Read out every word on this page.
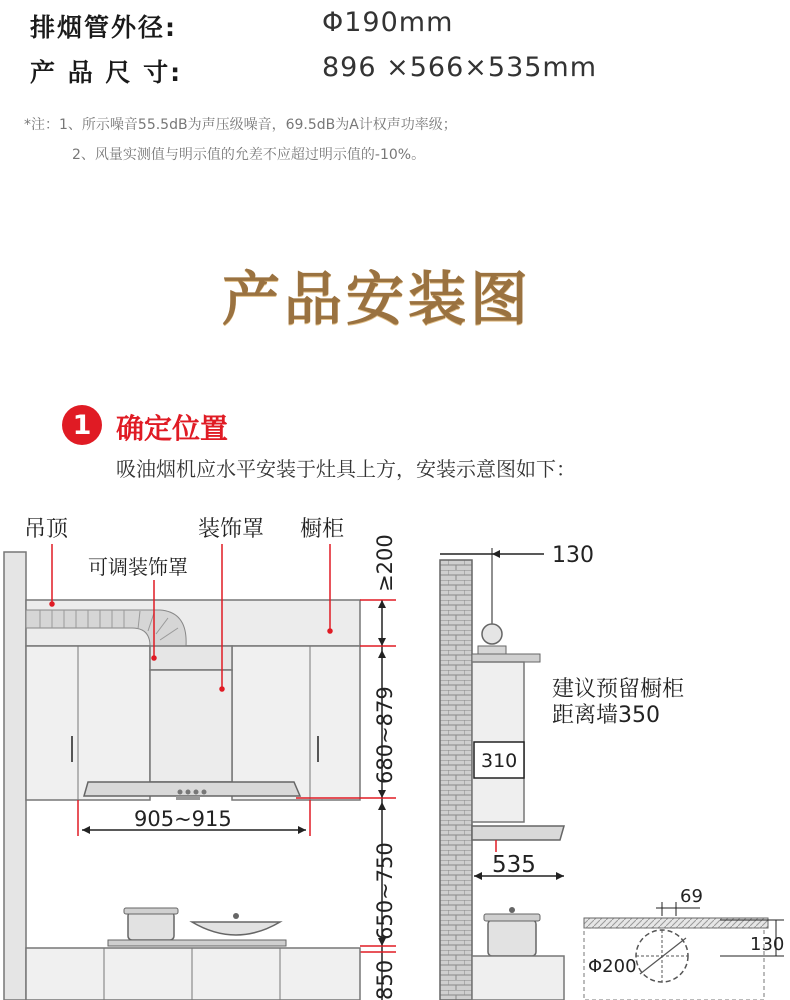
排烟管外径:	Φ190mm
产 品 尺 寸:	896 ×566×535mm
*注：1、所示噪音55.5dB为声压级噪音，69.5dB为A计权声功率级；
2、风量实测值与明示值的允差不应超过明示值的-10%。
产品安装图
1 确定位置
吸油烟机应水平安装于灶具上方，安装示意图如下：
吊顶	装饰罩 橱柜
可调装饰罩
905~915
≥200
680~879
650~750
850
130
建议预留橱柜
距离墙350
310
535
69
130
Φ200
